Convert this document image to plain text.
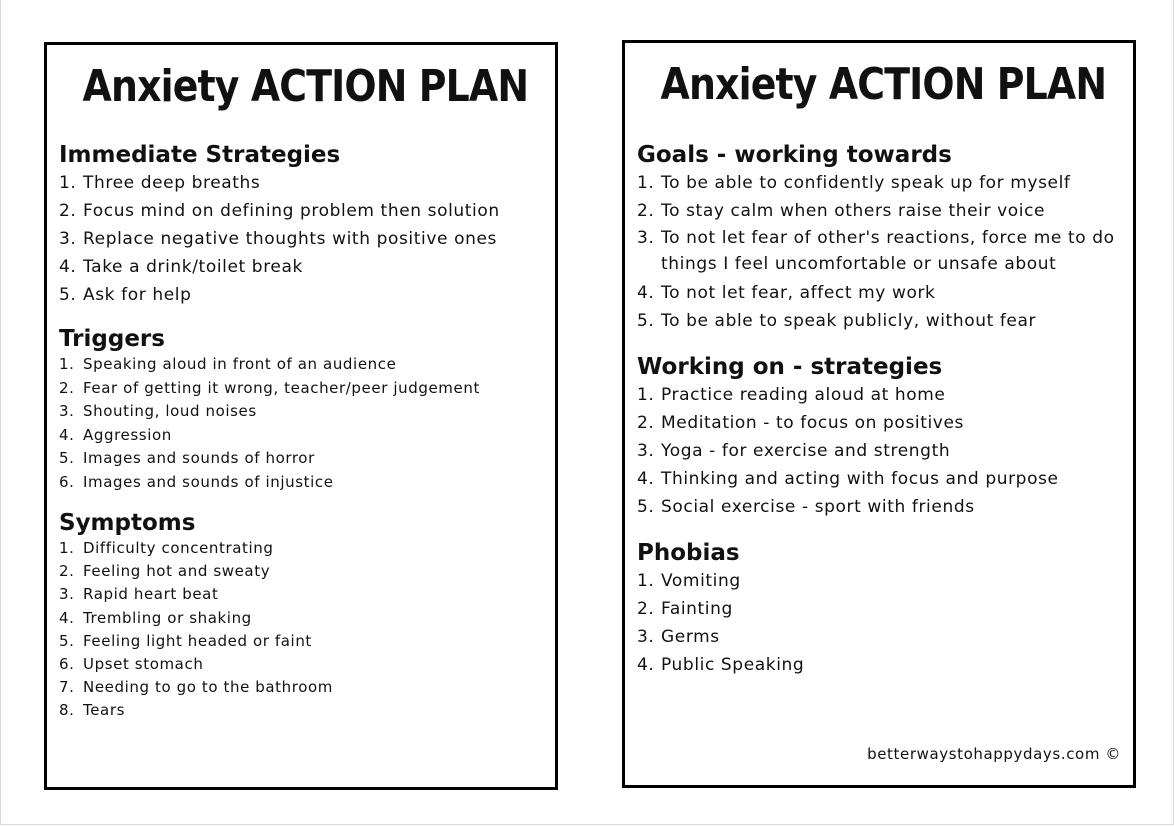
Anxiety ACTION PLAN
Immediate Strategies
1. Three deep breaths
2. Focus mind on defining problem then solution
3. Replace negative thoughts with positive ones
4. Take a drink/toilet break
5. Ask for help
Triggers
1. Speaking aloud in front of an audience
2. Fear of getting it wrong, teacher/peer judgement
3. Shouting, loud noises
4. Aggression
5. Images and sounds of horror
6. Images and sounds of injustice
Symptoms
1. Difficulty concentrating
2. Feeling hot and sweaty
3. Rapid heart beat
4. Trembling or shaking
5. Feeling light headed or faint
6. Upset stomach
7. Needing to go to the bathroom
8. Tears
Anxiety ACTION PLAN
Goals - working towards
1. To be able to confidently speak up for myself
2. To stay calm when others raise their voice
3. To not let fear of other's reactions, force me to do things I feel uncomfortable or unsafe about
4. To not let fear, affect my work
5. To be able to speak publicly, without fear
Working on - strategies
1. Practice reading aloud at home
2. Meditation - to focus on positives
3. Yoga - for exercise and strength
4. Thinking and acting with focus and purpose
5. Social exercise - sport with friends
Phobias
1. Vomiting
2. Fainting
3. Germs
4. Public Speaking
betterwaystohappydays.com ©
